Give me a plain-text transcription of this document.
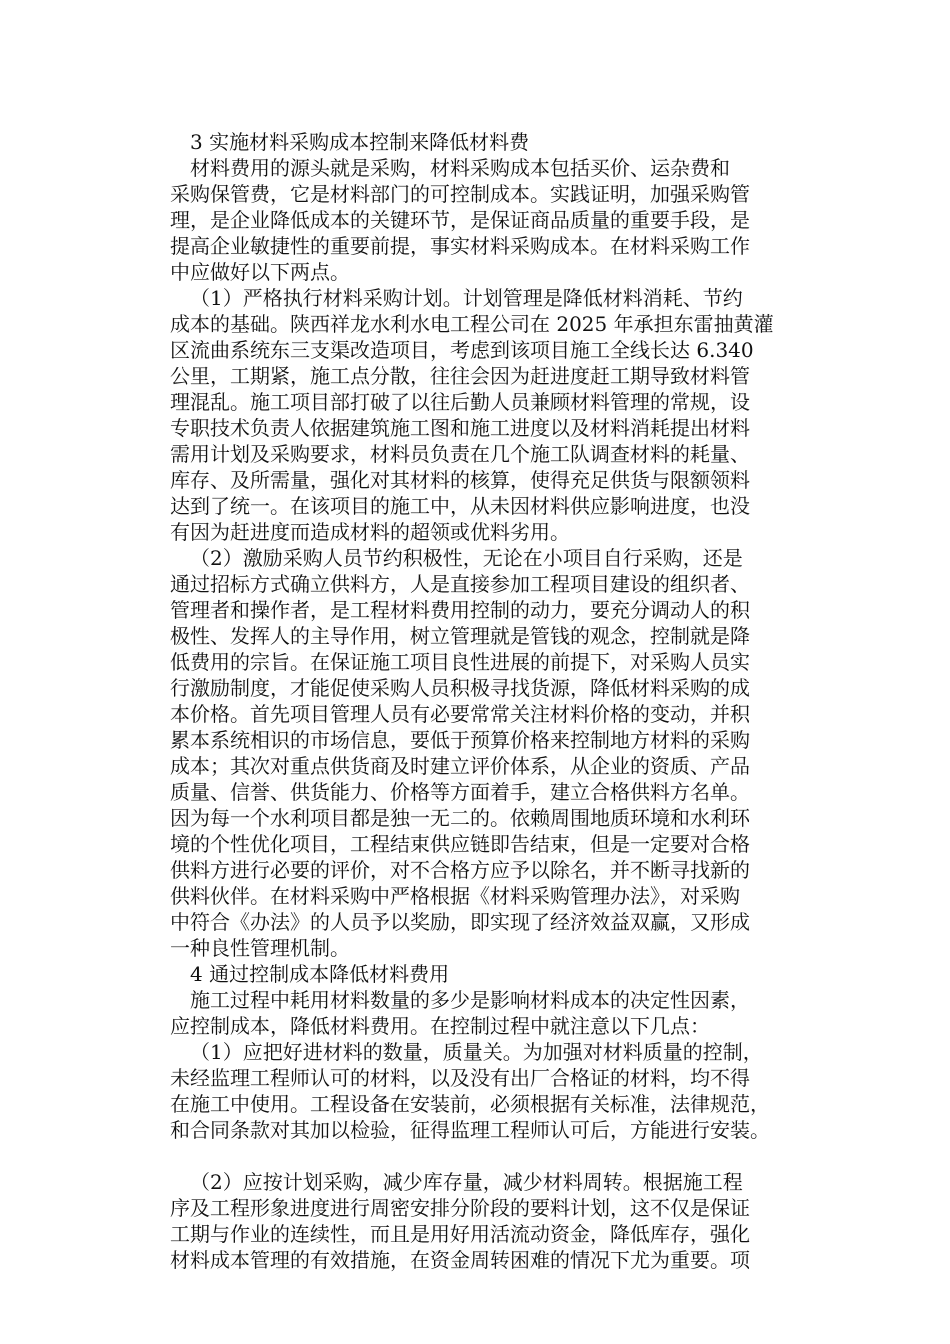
3 实施材料采购成本控制来降低材料费
材料费用的源头就是采购，材料采购成本包括买价、运杂费和
采购保管费，它是材料部门的可控制成本。实践证明，加强采购管
理，是企业降低成本的关键环节，是保证商品质量的重要手段，是
提高企业敏捷性的重要前提，事实材料采购成本。在材料采购工作
中应做好以下两点。
（1）严格执行材料采购计划。计划管理是降低材料消耗、节约
成本的基础。陕西祥龙水利水电工程公司在 2025 年承担东雷抽黄灌
区流曲系统东三支渠改造项目，考虑到该项目施工全线长达 6.340
公里，工期紧，施工点分散，往往会因为赶进度赶工期导致材料管
理混乱。施工项目部打破了以往后勤人员兼顾材料管理的常规，设
专职技术负责人依据建筑施工图和施工进度以及材料消耗提出材料
需用计划及采购要求，材料员负责在几个施工队调查材料的耗量、
库存、及所需量，强化对其材料的核算，使得充足供货与限额领料
达到了统一。在该项目的施工中，从未因材料供应影响进度，也没
有因为赶进度而造成材料的超领或优料劣用。
（2）激励采购人员节约积极性，无论在小项目自行采购，还是
通过招标方式确立供料方，人是直接参加工程项目建设的组织者、
管理者和操作者，是工程材料费用控制的动力，要充分调动人的积
极性、发挥人的主导作用，树立管理就是管钱的观念，控制就是降
低费用的宗旨。在保证施工项目良性进展的前提下，对采购人员实
行激励制度，才能促使采购人员积极寻找货源，降低材料采购的成
本价格。首先项目管理人员有必要常常关注材料价格的变动，并积
累本系统相识的市场信息，要低于预算价格来控制地方材料的采购
成本；其次对重点供货商及时建立评价体系，从企业的资质、产品
质量、信誉、供货能力、价格等方面着手，建立合格供料方名单。
因为每一个水利项目都是独一无二的。依赖周围地质环境和水利环
境的个性优化项目，工程结束供应链即告结束，但是一定要对合格
供料方进行必要的评价，对不合格方应予以除名，并不断寻找新的
供料伙伴。在材料采购中严格根据《材料采购管理办法》，对采购
中符合《办法》的人员予以奖励，即实现了经济效益双赢，又形成
一种良性管理机制。
4 通过控制成本降低材料费用
施工过程中耗用材料数量的多少是影响材料成本的决定性因素，
应控制成本，降低材料费用。在控制过程中就注意以下几点：
（1）应把好进材料的数量，质量关。为加强对材料质量的控制，
未经监理工程师认可的材料，以及没有出厂合格证的材料，均不得
在施工中使用。工程设备在安装前，必须根据有关标准，法律规范，
和合同条款对其加以检验，征得监理工程师认可后，方能进行安装。
（2）应按计划采购，减少库存量，减少材料周转。根据施工程
序及工程形象进度进行周密安排分阶段的要料计划，这不仅是保证
工期与作业的连续性，而且是用好用活流动资金，降低库存，强化
材料成本管理的有效措施，在资金周转困难的情况下尤为重要。项
